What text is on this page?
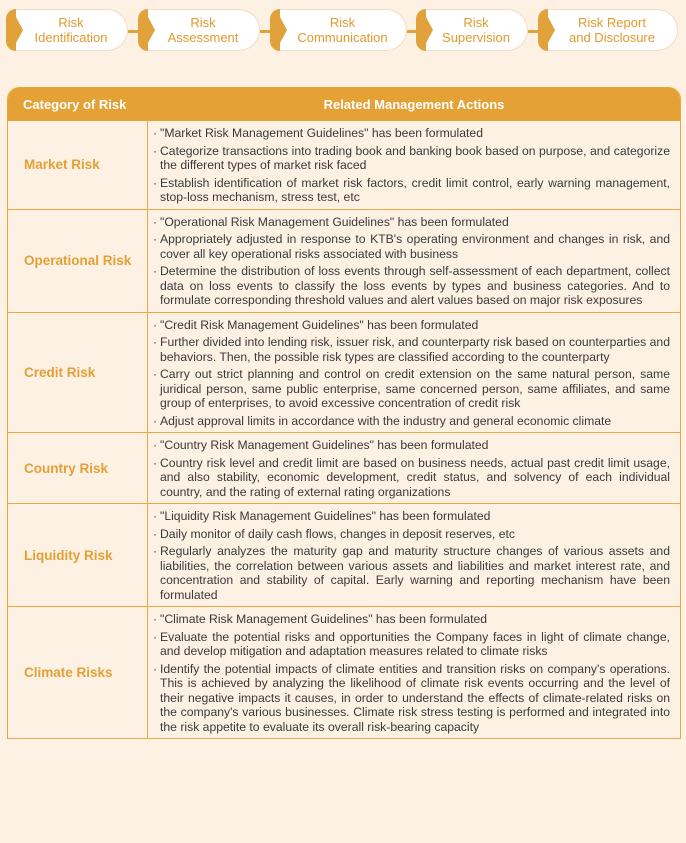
Risk
Identification
Risk
Assessment
Risk
Communication
Risk
Supervision
Risk Report
and Disclosure
Category of Risk	Related Management Actions
Market Risk
· "Market Risk Management Guidelines" has been formulated
· Categorize transactions into trading book and banking book based on purpose, and categorize the different types of market risk faced
· Establish identification of market risk factors, credit limit control, early warning management, stop-loss mechanism, stress test, etc
Operational Risk
· "Operational Risk Management Guidelines" has been formulated
· Appropriately adjusted in response to KTB's operating environment and changes in risk, and cover all key operational risks associated with business
· Determine the distribution of loss events through self-assessment of each department, collect data on loss events to classify the loss events by types and business categories. And to formulate corresponding threshold values and alert values based on major risk exposures
Credit Risk
· "Credit Risk Management Guidelines" has been formulated
· Further divided into lending risk, issuer risk, and counterparty risk based on counterparties and behaviors. Then, the possible risk types are classified according to the counterparty
· Carry out strict planning and control on credit extension on the same natural person, same juridical person, same public enterprise, same concerned person, same affiliates, and same group of enterprises, to avoid excessive concentration of credit risk
· Adjust approval limits in accordance with the industry and general economic climate
Country Risk
· "Country Risk Management Guidelines" has been formulated
· Country risk level and credit limit are based on business needs, actual past credit limit usage, and also stability, economic development, credit status, and solvency of each individual country, and the rating of external rating organizations
Liquidity Risk
· "Liquidity Risk Management Guidelines" has been formulated
· Daily monitor of daily cash flows, changes in deposit reserves, etc
· Regularly analyzes the maturity gap and maturity structure changes of various assets and liabilities, the correlation between various assets and liabilities and market interest rate, and concentration and stability of capital. Early warning and reporting mechanism have been formulated
Climate Risks
· "Climate Risk Management Guidelines" has been formulated
· Evaluate the potential risks and opportunities the Company faces in light of climate change, and develop mitigation and adaptation measures related to climate risks
· Identify the potential impacts of climate entities and transition risks on company's operations. This is achieved by analyzing the likelihood of climate risk events occurring and the level of their negative impacts it causes, in order to understand the effects of climate-related risks on the company's various businesses. Climate risk stress testing is performed and integrated into the risk appetite to evaluate its overall risk-bearing capacity
